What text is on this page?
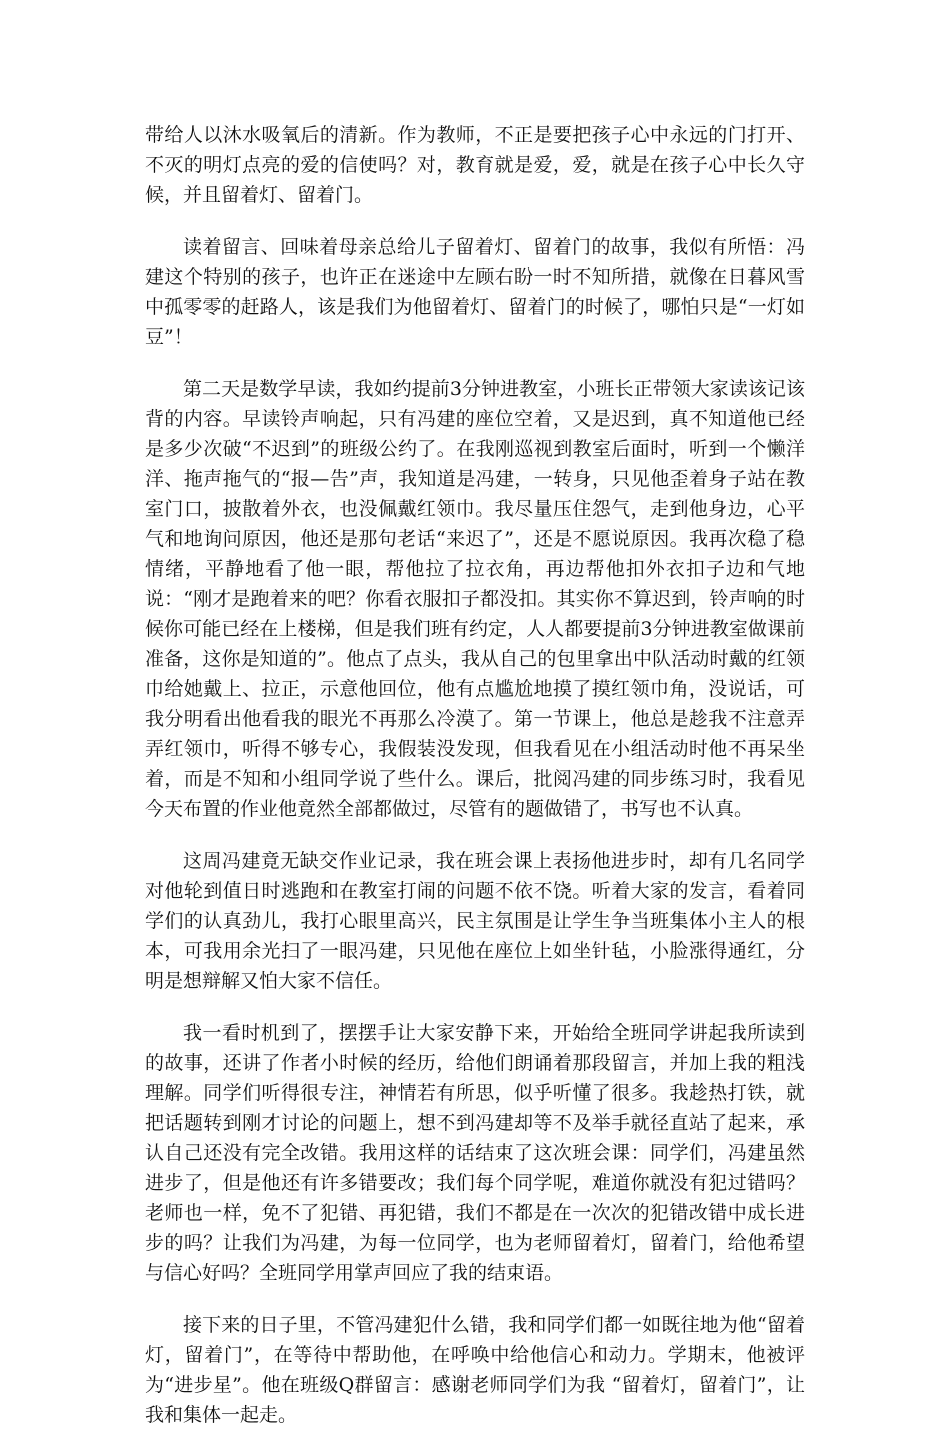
带给人以沐水吸氧后的清新。作为教师，不正是要把孩子心中永远的门打开、不灭的明灯点亮的爱的信使吗？对，教育就是爱，爱，就是在孩子心中长久守候，并且留着灯、留着门。

读着留言、回味着母亲总给儿子留着灯、留着门的故事，我似有所悟：冯建这个特别的孩子，也许正在迷途中左顾右盼一时不知所措，就像在日暮风雪中孤零零的赶路人，该是我们为他留着灯、留着门的时候了，哪怕只是“一灯如豆”！

第二天是数学早读，我如约提前3分钟进教室，小班长正带领大家读该记该背的内容。早读铃声响起，只有冯建的座位空着，又是迟到，真不知道他已经是多少次破“不迟到”的班级公约了。在我刚巡视到教室后面时，听到一个懒洋洋、拖声拖气的“报—告”声，我知道是冯建，一转身，只见他歪着身子站在教室门口，披散着外衣，也没佩戴红领巾。我尽量压住怨气，走到他身边，心平气和地询问原因，他还是那句老话“来迟了”，还是不愿说原因。我再次稳了稳情绪，平静地看了他一眼，帮他拉了拉衣角，再边帮他扣外衣扣子边和气地说：“刚才是跑着来的吧？你看衣服扣子都没扣。其实你不算迟到，铃声响的时候你可能已经在上楼梯，但是我们班有约定，人人都要提前3分钟进教室做课前准备，这你是知道的”。他点了点头，我从自己的包里拿出中队活动时戴的红领巾给她戴上、拉正，示意他回位，他有点尴尬地摸了摸红领巾角，没说话，可我分明看出他看我的眼光不再那么冷漠了。第一节课上，他总是趁我不注意弄弄红领巾，听得不够专心，我假装没发现，但我看见在小组活动时他不再呆坐着，而是不知和小组同学说了些什么。课后，批阅冯建的同步练习时，我看见今天布置的作业他竟然全部都做过，尽管有的题做错了，书写也不认真。

这周冯建竟无缺交作业记录，我在班会课上表扬他进步时，却有几名同学对他轮到值日时逃跑和在教室打闹的问题不依不饶。听着大家的发言，看着同学们的认真劲儿，我打心眼里高兴，民主氛围是让学生争当班集体小主人的根本，可我用余光扫了一眼冯建，只见他在座位上如坐针毡，小脸涨得通红，分明是想辩解又怕大家不信任。

我一看时机到了，摆摆手让大家安静下来，开始给全班同学讲起我所读到的故事，还讲了作者小时候的经历，给他们朗诵着那段留言，并加上我的粗浅理解。同学们听得很专注，神情若有所思，似乎听懂了很多。我趁热打铁，就把话题转到刚才讨论的问题上，想不到冯建却等不及举手就径直站了起来，承认自己还没有完全改错。我用这样的话结束了这次班会课：同学们，冯建虽然进步了，但是他还有许多错要改；我们每个同学呢，难道你就没有犯过错吗？老师也一样，免不了犯错、再犯错，我们不都是在一次次的犯错改错中成长进步的吗？让我们为冯建，为每一位同学，也为老师留着灯，留着门，给他希望与信心好吗？全班同学用掌声回应了我的结束语。

接下来的日子里，不管冯建犯什么错，我和同学们都一如既往地为他“留着灯，留着门”，在等待中帮助他，在呼唤中给他信心和动力。学期末，他被评为“进步星”。他在班级Q群留言：感谢老师同学们为我 “留着灯，留着门”，让我和集体一起走。
